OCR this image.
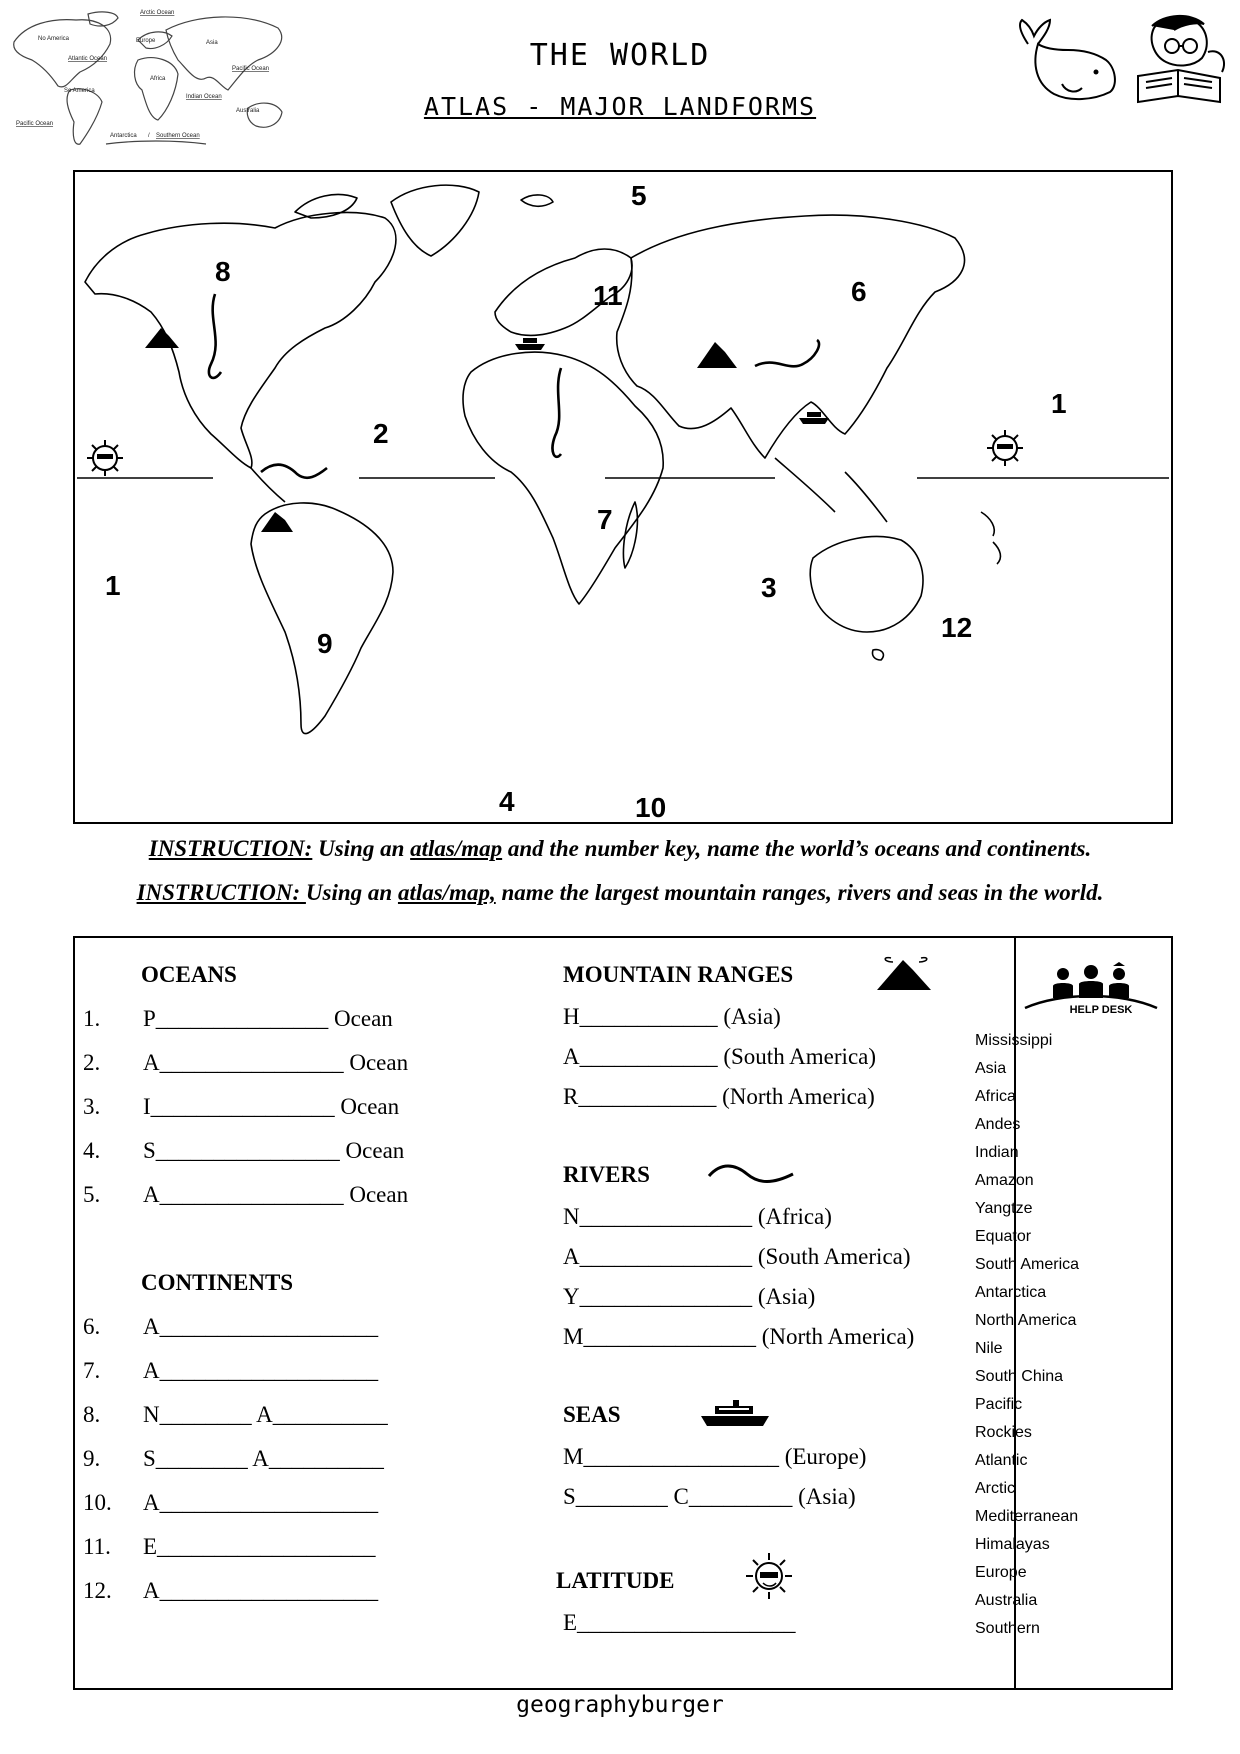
Arctic Ocean
No America	Europe	Asia
Atlantic Ocean
Pacific Ocean
Africa
So America
Indian Ocean
Australia
Pacific Ocean
Antarctica / Southern Ocean
THE WORLD
ATLAS - MAJOR LANDFORMS
5
8
11	6
1
2
7
1	3
12
9
4	10
INSTRUCTION: Using an atlas/map and the number key, name the world’s oceans and continents.
INSTRUCTION: Using an atlas/map, name the largest mountain ranges, rivers and seas in the world.
OCEANS
1. P_______________ Ocean
2. A________________ Ocean
3. I________________ Ocean
4. S________________ Ocean
5. A________________ Ocean
CONTINENTS
6. A___________________
7. A___________________
8. N________ A__________
9. S________ A__________
10. A___________________
11. E___________________
12. A___________________
MOUNTAIN RANGES
H____________ (Asia)
A____________ (South America)
R____________ (North America)
RIVERS
N_______________ (Africa)
A_______________ (South America)
Y_______________ (Asia)
M_______________ (North America)
SEAS
M_________________ (Europe)
S________ C_________ (Asia)
LATITUDE
E___________________
HELP DESK
Mississippi
Asia
Africa
Andes
Indian
Amazon
Yangtze
Equator
South America
Antarctica
North America
Nile
South China
Pacific
Rockies
Atlantic
Arctic
Mediterranean
Himalayas
Europe
Australia
Southern
geographyburger
